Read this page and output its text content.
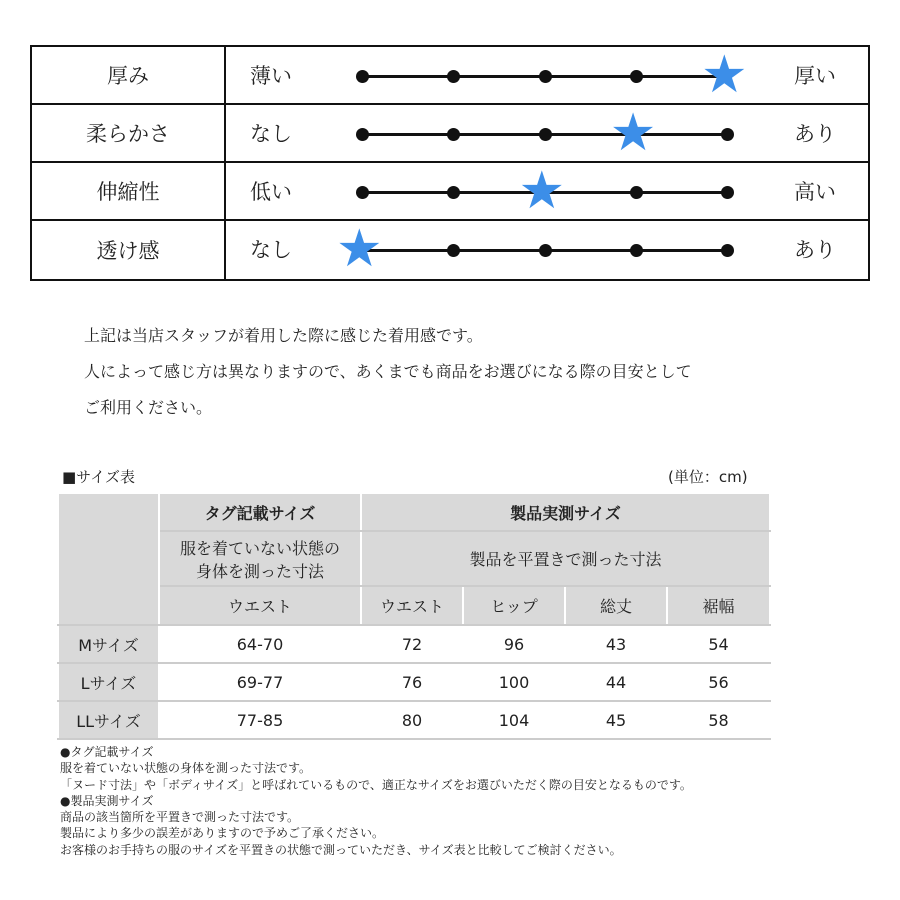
厚み	薄い	★ 厚い
柔らかさ	なし	★	あり
伸縮性	低い	★	高い
透け感	なし ★	あり
上記は当店スタッフが着用した際に感じた着用感です。
人によって感じ方は異なりますので、あくまでも商品をお選びになる際の目安として
ご利用ください。
■サイズ表	(単位：cm)
	タグ記載サイズ	製品実測サイズ			

	服を着ていない状態の
身体を測った寸法	製品を平置きで測った寸法			
	ウエスト	ウエスト	ヒップ	総丈	裾幅
Mサイズ	64-70	72	96	43	54
Lサイズ	69-77	76	100	44	56
LLサイズ	77-85	80	104	45	58
●タグ記載サイズ
服を着ていない状態の身体を測った寸法です。
「ヌード寸法」や「ボディサイズ」と呼ばれているもので、適正なサイズをお選びいただく際の目安となるものです。
●製品実測サイズ
商品の該当箇所を平置きで測った寸法です。
製品により多少の誤差がありますので予めご了承ください。
お客様のお手持ちの服のサイズを平置きの状態で測っていただき、サイズ表と比較してご検討ください。
